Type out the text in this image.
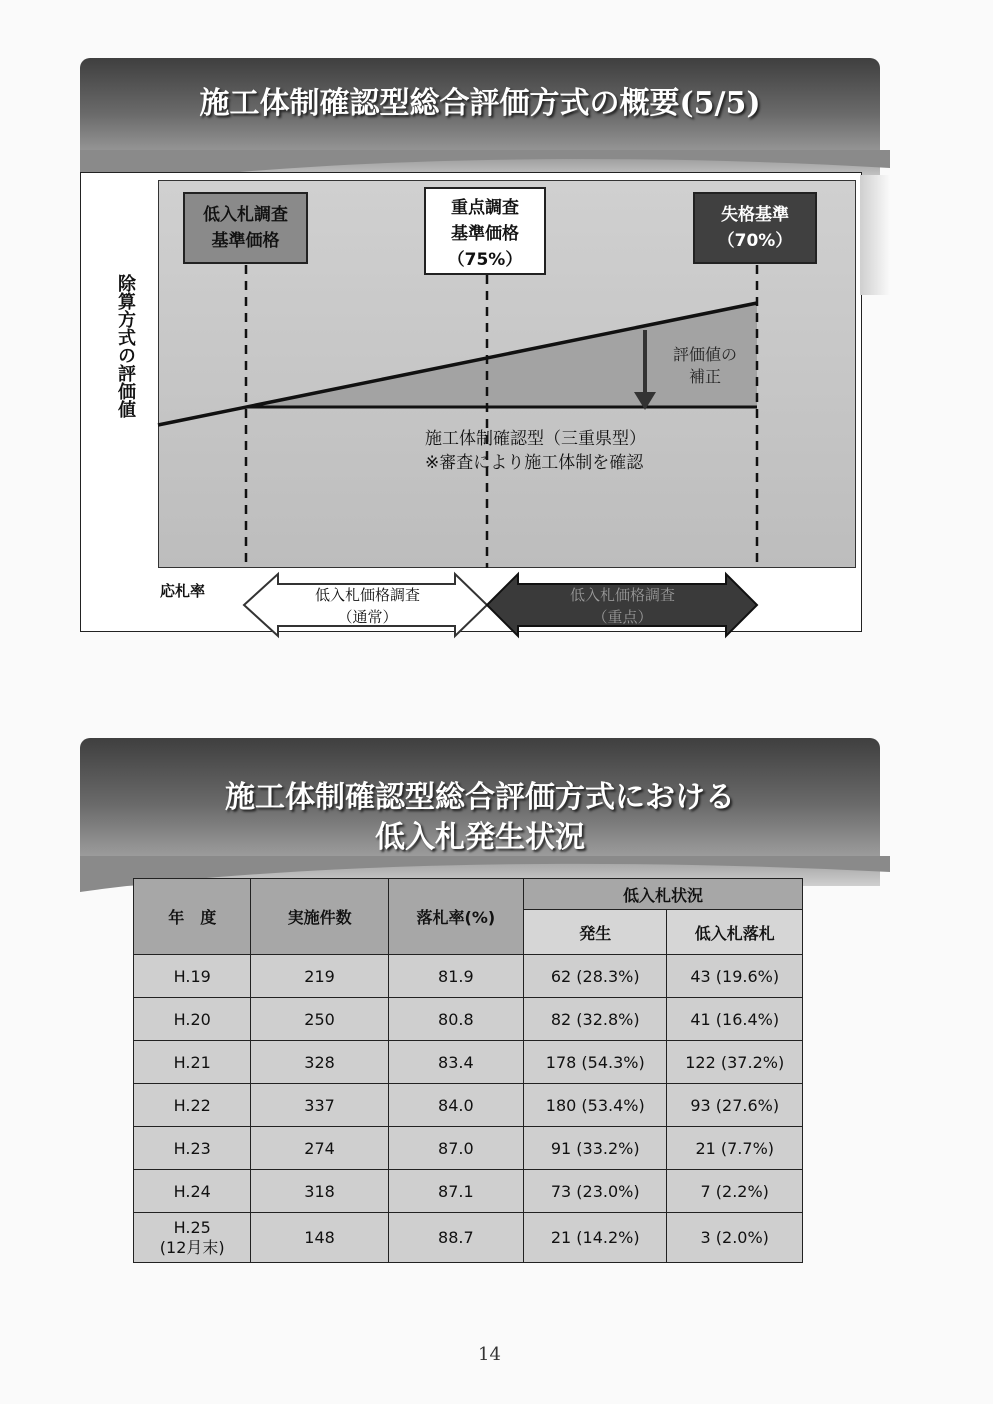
施工体制確認型総合評価方式の概要(5/5)
低入札調査
基準価格
重点調査
基準価格
（75%）
失格基準
（70%）
除算方式の評価値	評価値の
補正
施工体制確認型（三重県型）
※審査により施工体制を確認
応札率	低入札価格調査
（通常）
低入札価格調査
（重点）
施工体制確認型総合評価方式における
低入札発生状況
年　度	実施件数	落札率(%)	低入札状況	
			発生	低入札落札
H.19	219	81.9	62 (28.3%)	43 (19.6%)
H.20	250	80.8	82 (32.8%)	41 (16.4%)
H.21	328	83.4	178 (54.3%)	122 (37.2%)
H.22	337	84.0	180 (53.4%)	93 (27.6%)
H.23	274	87.0	91 (33.2%)	21 (7.7%)
H.24	318	87.1	73 (23.0%)	7 (2.2%)

H.25
(12月末)	148	88.7	21 (14.2%)	3 (2.0%)
14
